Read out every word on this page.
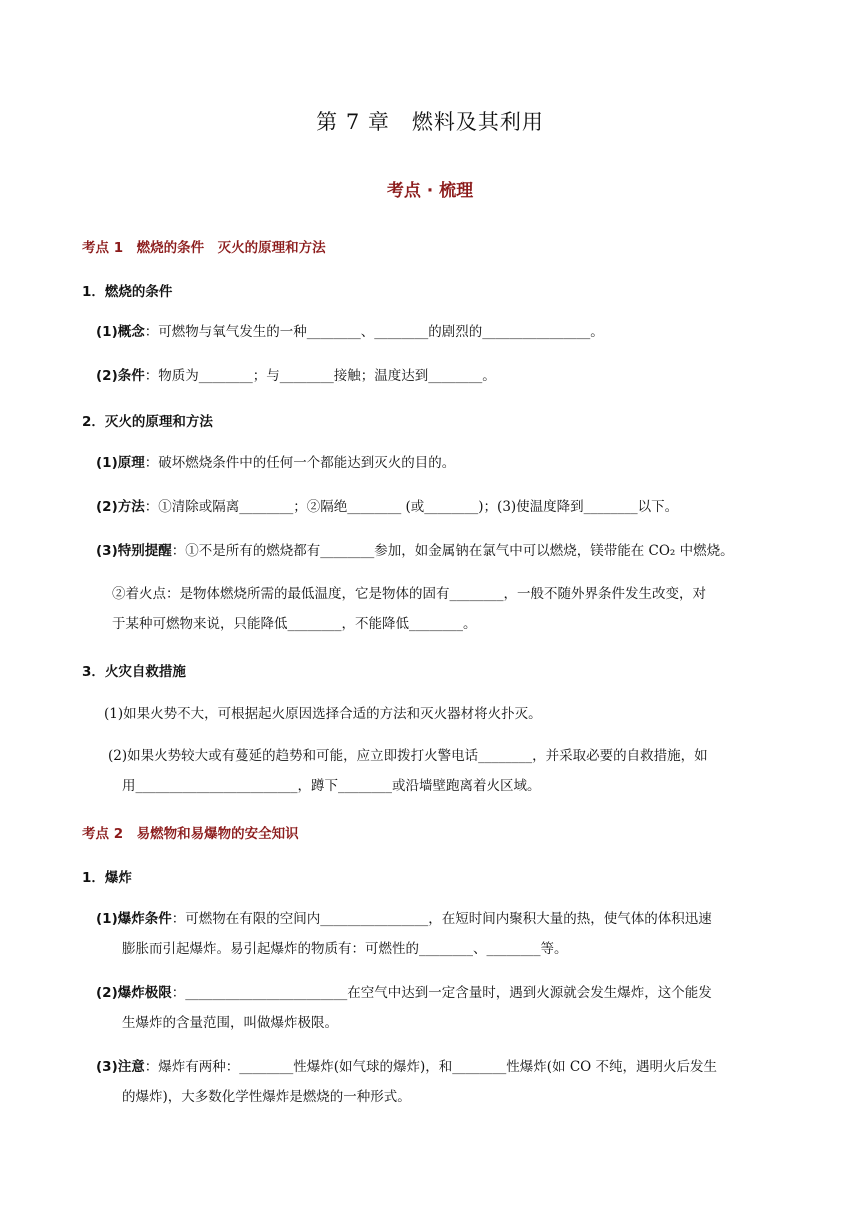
第 7 章　燃料及其利用
考点 · 梳理
考点 1　燃烧的条件　灭火的原理和方法
1．燃烧的条件
(1)概念：可燃物与氧气发生的一种________、________的剧烈的________________。
(2)条件：物质为________；与________接触；温度达到________。
2．灭火的原理和方法
(1)原理：破坏燃烧条件中的任何一个都能达到灭火的目的。
(2)方法：①清除或隔离________；②隔绝________ (或________)；(3)使温度降到________以下。
(3)特别提醒：①不是所有的燃烧都有________参加，如金属钠在氯气中可以燃烧，镁带能在 CO₂ 中燃烧。
②着火点：是物体燃烧所需的最低温度，它是物体的固有________，一般不随外界条件发生改变，对
于某种可燃物来说，只能降低________，不能降低________。
3．火灾自救措施
(1)如果火势不大，可根据起火原因选择合适的方法和灭火器材将火扑灭。
(2)如果火势较大或有蔓延的趋势和可能，应立即拨打火警电话________，并采取必要的自救措施，如
用________________________，蹲下________或沿墙壁跑离着火区域。
考点 2　易燃物和易爆物的安全知识
1．爆炸
(1)爆炸条件：可燃物在有限的空间内________________，在短时间内聚积大量的热，使气体的体积迅速
膨胀而引起爆炸。易引起爆炸的物质有：可燃性的________、________等。
(2)爆炸极限：________________________在空气中达到一定含量时，遇到火源就会发生爆炸，这个能发
生爆炸的含量范围，叫做爆炸极限。
(3)注意：爆炸有两种：________性爆炸(如气球的爆炸)，和________性爆炸(如 CO 不纯，遇明火后发生
的爆炸)，大多数化学性爆炸是燃烧的一种形式。
